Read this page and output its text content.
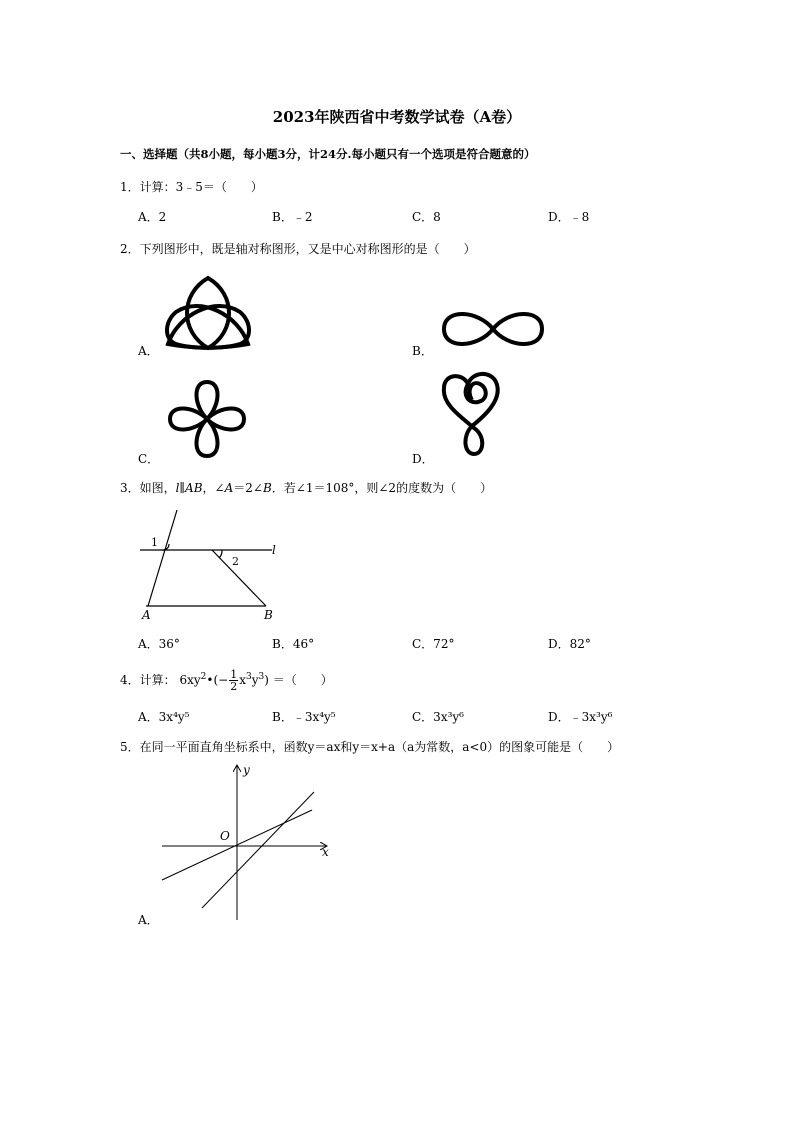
2023年陕西省中考数学试卷（A卷）
一、选择题（共8小题，每小题3分，计24分.每小题只有一个选项是符合题意的）
1．计算：3﹣5＝（　　）
A．2	B．﹣2	C．8	D．﹣8
2．下列图形中，既是轴对称图形，又是中心对称图形的是（　　）
A．	B．
C．	D．
3．如图，l∥AB，∠A＝2∠B．若∠1＝108°，则∠2的度数为（　　）
l
1
2
A	B
A．36°	B．46°	C．72°	D．82°
4．计算： $6xy^2•(- \frac{1}{2} x^3y^3)$ ＝（　　）
A．3x⁴y⁵	B．﹣3x⁴y⁵	C．3x³y⁶	D．﹣3x³y⁶
5．在同一平面直角坐标系中，函数y＝ax和y＝x+a（a为常数，a<0）的图象可能是（　　）
y
x
O
A．
